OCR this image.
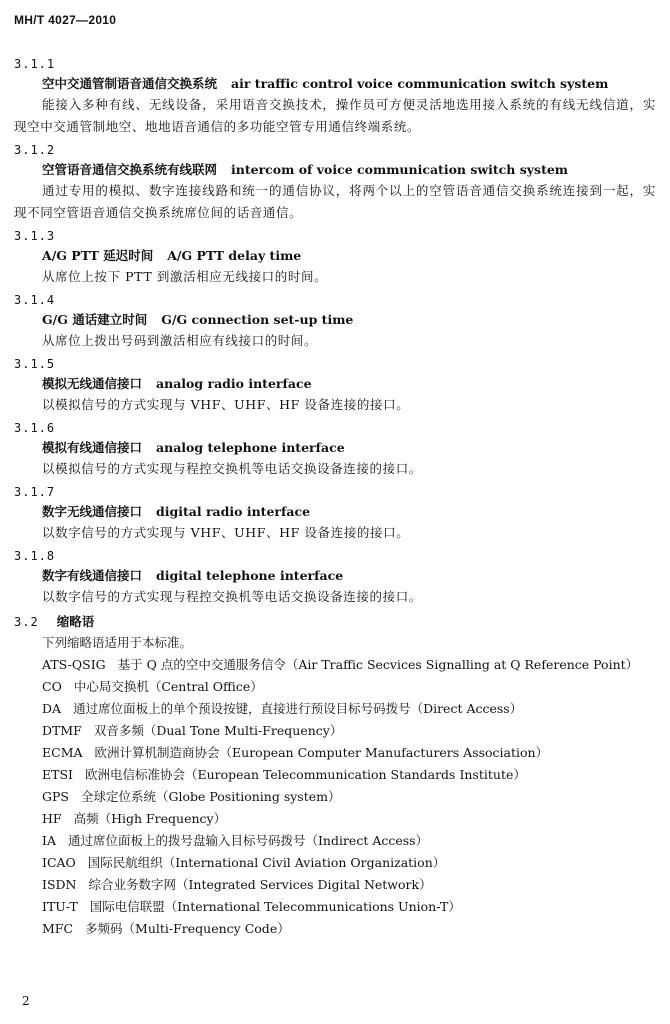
MH/T 4027—2010
3.1.1
空中交通管制语音通信交换系统 air traffic control voice communication switch system
能接入多种有线、无线设备，采用语音交换技术，操作员可方便灵活地选用接入系统的有线无线信道，实现空中交通管制地空、地地语音通信的多功能空管专用通信终端系统。
3.1.2
空管语音通信交换系统有线联网 intercom of voice communication switch system
通过专用的模拟、数字连接线路和统一的通信协议，将两个以上的空管语音通信交换系统连接到一起，实现不同空管语音通信交换系统席位间的话音通信。
3.1.3
A/G PTT 延迟时间 A/G PTT delay time
从席位上按下 PTT 到激活相应无线接口的时间。
3.1.4
G/G 通话建立时间 G/G connection set-up time
从席位上拨出号码到激活相应有线接口的时间。
3.1.5
模拟无线通信接口 analog radio interface
以模拟信号的方式实现与 VHF、UHF、HF 设备连接的接口。
3.1.6
模拟有线通信接口 analog telephone interface
以模拟信号的方式实现与程控交换机等电话交换设备连接的接口。
3.1.7
数字无线通信接口 digital radio interface
以数字信号的方式实现与 VHF、UHF、HF 设备连接的接口。
3.1.8
数字有线通信接口 digital telephone interface
以数字信号的方式实现与程控交换机等电话交换设备连接的接口。
3.2 缩略语
下列缩略语适用于本标准。
ATS-QSIG 基于 Q 点的空中交通服务信令（Air Traffic Secvices Signalling at Q Reference Point）
CO 中心局交换机（Central Office）
DA 通过席位面板上的单个预设按键，直接进行预设目标号码拨号（Direct Access）
DTMF 双音多频（Dual Tone Multi-Frequency）
ECMA 欧洲计算机制造商协会（European Computer Manufacturers Association）
ETSI 欧洲电信标准协会（European Telecommunication Standards Institute）
GPS 全球定位系统（Globe Positioning system）
HF 高频（High Frequency）
IA 通过席位面板上的拨号盘输入目标号码拨号（Indirect Access）
ICAO 国际民航组织（International Civil Aviation Organization）
ISDN 综合业务数字网（Integrated Services Digital Network）
ITU-T 国际电信联盟（International Telecommunications Union-T）
MFC 多频码（Multi-Frequency Code）
2
